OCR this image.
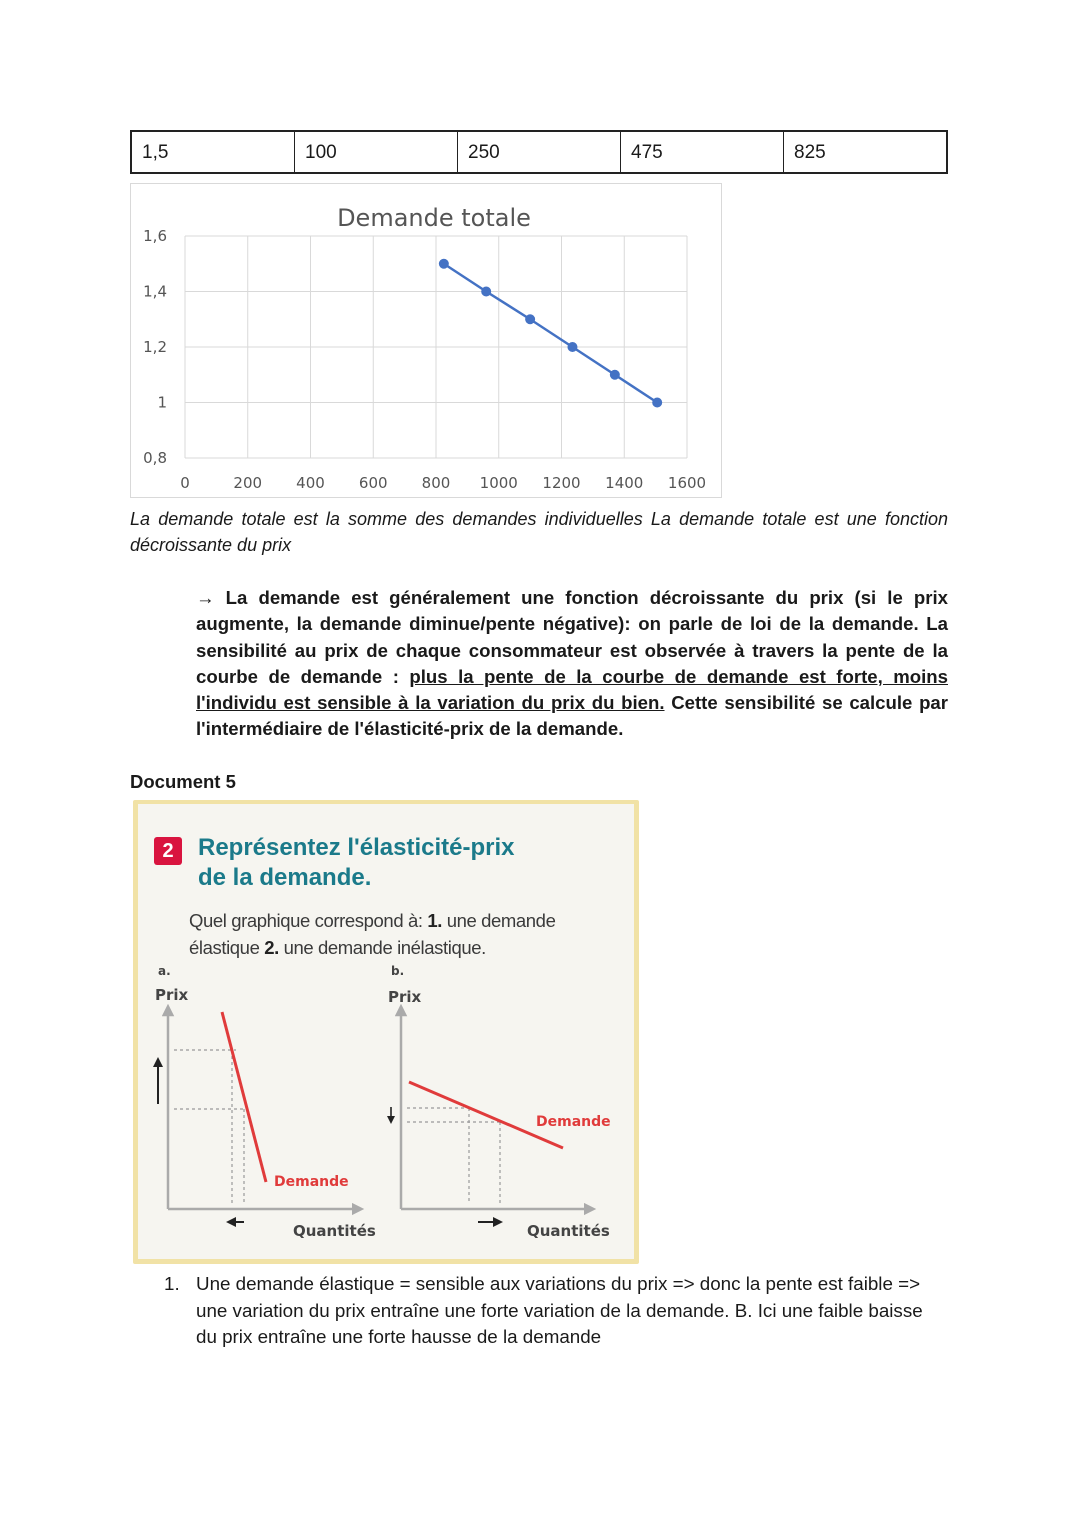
1,5	100	250	475	825
Demande totale
0	200 400 600 800 1000 1200 1400 1600
0,8
1
1,2
1,4
1,6
La demande totale est la somme des demandes individuelles La demande totale est une fonction décroissante du prix
→ La demande est généralement une fonction décroissante du prix (si le prix augmente, la demande diminue/pente négative): on parle de loi de la demande. La sensibilité au prix de chaque consommateur est observée à travers la pente de la courbe de demande : plus la pente de la courbe de demande est forte, moins l'individu est sensible à la variation du prix du bien. Cette sensibilité se calcule par l'intermédiaire de l'élasticité-prix de la demande.
Document 5
2	Représentez l'élasticité-prix
de la demande.
Quel graphique correspond à: 1. une demande élastique 2. une demande inélastique.
a.
Prix
Demande
Quantités
b.
Prix
Demande
Quantités
1. Une demande élastique = sensible aux variations du prix => donc la pente est faible => une variation du prix entraîne une forte variation de la demande. B. Ici une faible baisse du prix entraîne une forte hausse de la demande
